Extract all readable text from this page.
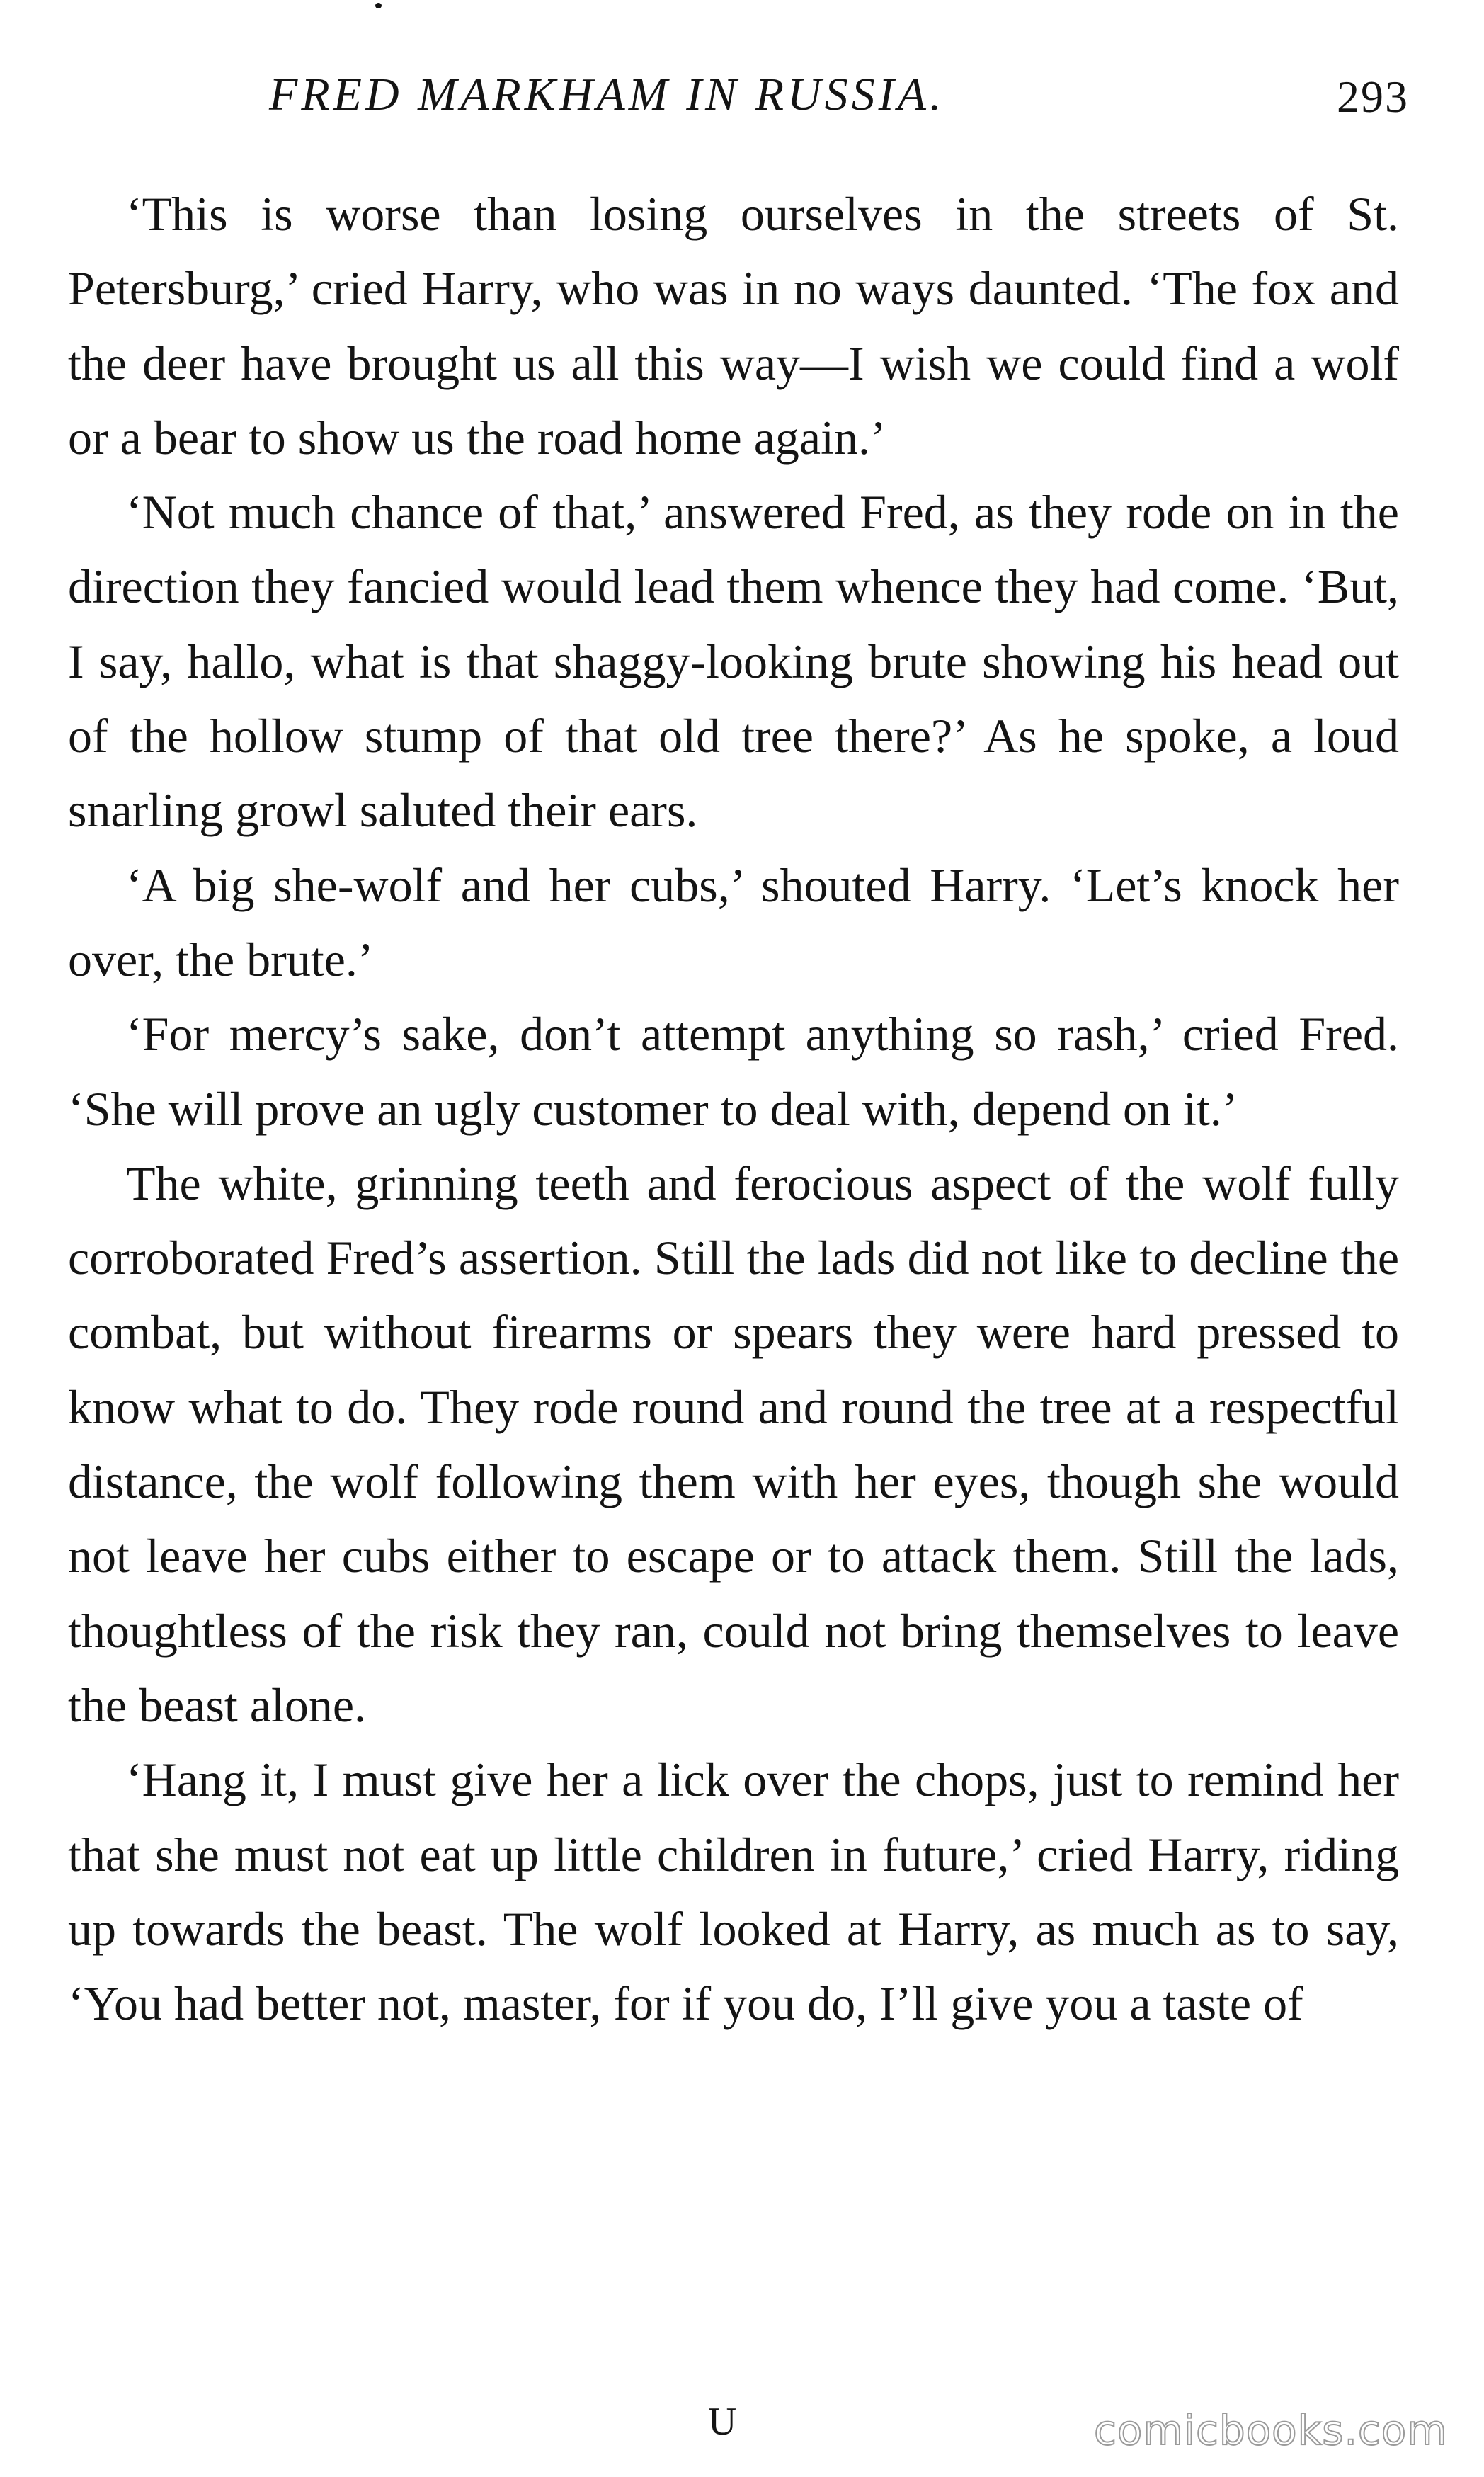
FRED MARKHAM IN RUSSIA.	293

‘This is worse than losing ourselves in the streets of St. Petersburg,’ cried Harry, who was in no ways daunted. ‘The fox and the deer have brought us all this way—I wish we could find a wolf or a bear to show us the road home again.’

‘Not much chance of that,’ answered Fred, as they rode on in the direction they fancied would lead them whence they had come. ‘But, I say, hallo, what is that shaggy-looking brute showing his head out of the hollow stump of that old tree there?’ As he spoke, a loud snarling growl saluted their ears.

‘A big she-wolf and her cubs,’ shouted Harry. ‘Let’s knock her over, the brute.’

‘For mercy’s sake, don’t attempt anything so rash,’ cried Fred. ‘She will prove an ugly customer to deal with, depend on it.’

The white, grinning teeth and ferocious aspect of the wolf fully corroborated Fred’s assertion. Still the lads did not like to decline the combat, but without firearms or spears they were hard pressed to know what to do. They rode round and round the tree at a respectful distance, the wolf following them with her eyes, though she would not leave her cubs either to escape or to attack them. Still the lads, thoughtless of the risk they ran, could not bring themselves to leave the beast alone.

‘Hang it, I must give her a lick over the chops, just to remind her that she must not eat up little children in future,’ cried Harry, riding up towards the beast. The wolf looked at Harry, as much as to say, ‘You had better not, master, for if you do, I’ll give you a taste of

U	comicbooks.com
